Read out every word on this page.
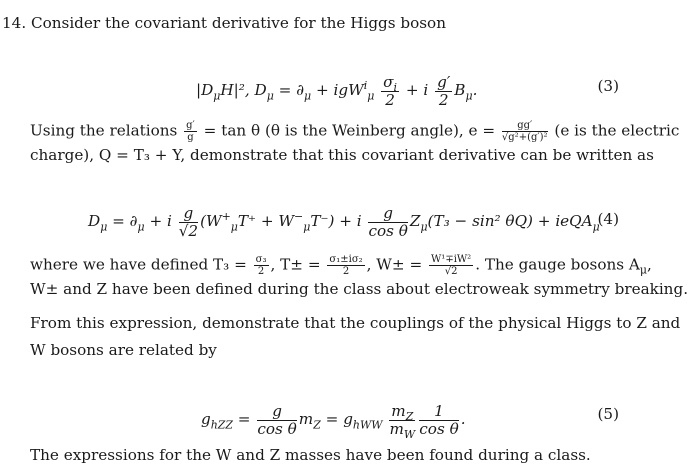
14. Consider the covariant derivative for the Higgs boson
$|D_\mu H|^2$, $D_\mu = \partial_\mu + igW^i_\mu \frac{\sigma_i}{2} + i \frac{g'}{2} B_\mu$.	(3)
Using the relations $\frac{g'}{g} = \tan \theta$ (θ is the Weinberg angle), $e = \frac{gg'}{\text{√g²+(g′)²}} (e$ is the electric
charge), Q = T₃ + Y, demonstrate that this covariant derivative can be written as
$D_\mu = \partial_\mu + i \frac{g}{√2} (W^+_\mu T^+ + W^-_\mu T^-) + i \frac{g}{\text{cos θ}} Z_\mu(T_3 - \sin^2$ θQ) + ieQA$_\mu$
(4)
where we have defined $T_3 = \frac{\text{σ₃}}{2}$ , $T\pm = \frac{\text{σ₁±iσ₂}}{2}$ , $W\pm = \frac{\text{W¹∓iW²}}{√2}$ . The gauge bosons $A_\mu$,
W± and Z have been defined during the class about electroweak symmetry breaking.
From this expression, demonstrate that the couplings of the physical Higgs to Z and
W bosons are related by
$g_{hZZ} = \frac{g}{\text{cos θ}} m_Z = g_{hWW} \frac{m_Z}{m_W} \frac{1}{\text{cos θ}}$ .	(5)
The expressions for the W and Z masses have been found during a class.
